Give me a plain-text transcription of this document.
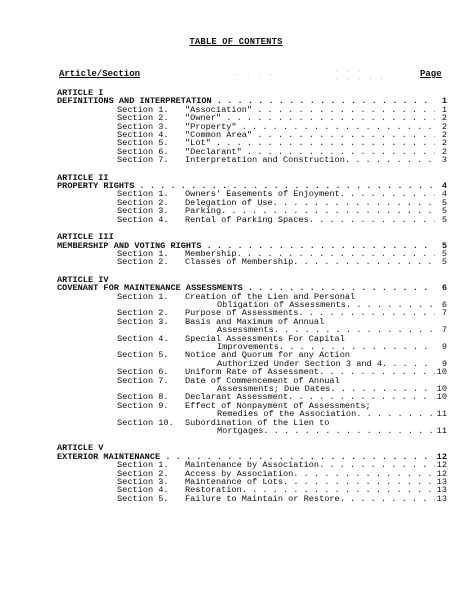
TABLE OF CONTENTS
Article/Section	· · · ·
· · ·
· · · · ·
Page
ARTICLE I
DEFINITIONS AND INTERPRETATION . . .	1
Section 1.	"Association" . . .	1
Section 2.	"Owner" . . .	2
Section 3.	"Property" . . .	2
Section 4.	"Common Area" . . .	2
Section 5.	"Lot" . . .	2
Section 6.	"Declarant" . . .	2
Section 7.	Interpretation and Construction. . . .	3
ARTICLE II
PROPERTY RIGHTS . . .	4
Section 1.	Owners' Easements of Enjoyment. . . .	4
Section 2.	Delegation of Use. . . .	5
Section 3.	Parking. . . .	5
Section 4.	Rental of Parking Spaces. . . .	5
ARTICLE III
MEMBERSHIP AND VOTING RIGHTS . . .	5
Section 1.	Membership. . . .	5
Section 2.	Classes of Membership. . . .	5
ARTICLE IV
COVENANT FOR MAINTENANCE ASSESSMENTS . . .	6
Section 1.	Creation of the Lien and Personal
Obligation of Assessments. . . .	6
Section 2.	Purpose of Assessments. . . .	7
Section 3.	Basis and Maximum of Annual
Assessments. . . .	7
Section 4.	Special Assessments For Capital
Improvements. . . .	9
Section 5.	Notice and Quorum for any Action
Authorized Under Section 3 and 4. . . .	9
Section 6.	Uniform Rate of Assessment. . . .	10
Section 7.	Date of Commencement of Annual
Assessments; Due Dates. . . .	10
Section 8.	Declarant Assessment. . . .	10
Section 9.	Effect of Nonpayment of Assessments;
Remedies of the Association. . . .	11
Section 10.	Subordination of the Lien to
Mortgages. . . .	11
ARTICLE V
EXTERIOR MAINTENANCE . . .	12
Section 1.	Maintenance by Association. . . .	12
Section 2.	Access by Association. . . .	12
Section 3.	Maintenance of Lots. . . .	13
Section 4.	Restoration. . . .	13
Section 5.	Failure to Maintain or Restore. . . .	13
